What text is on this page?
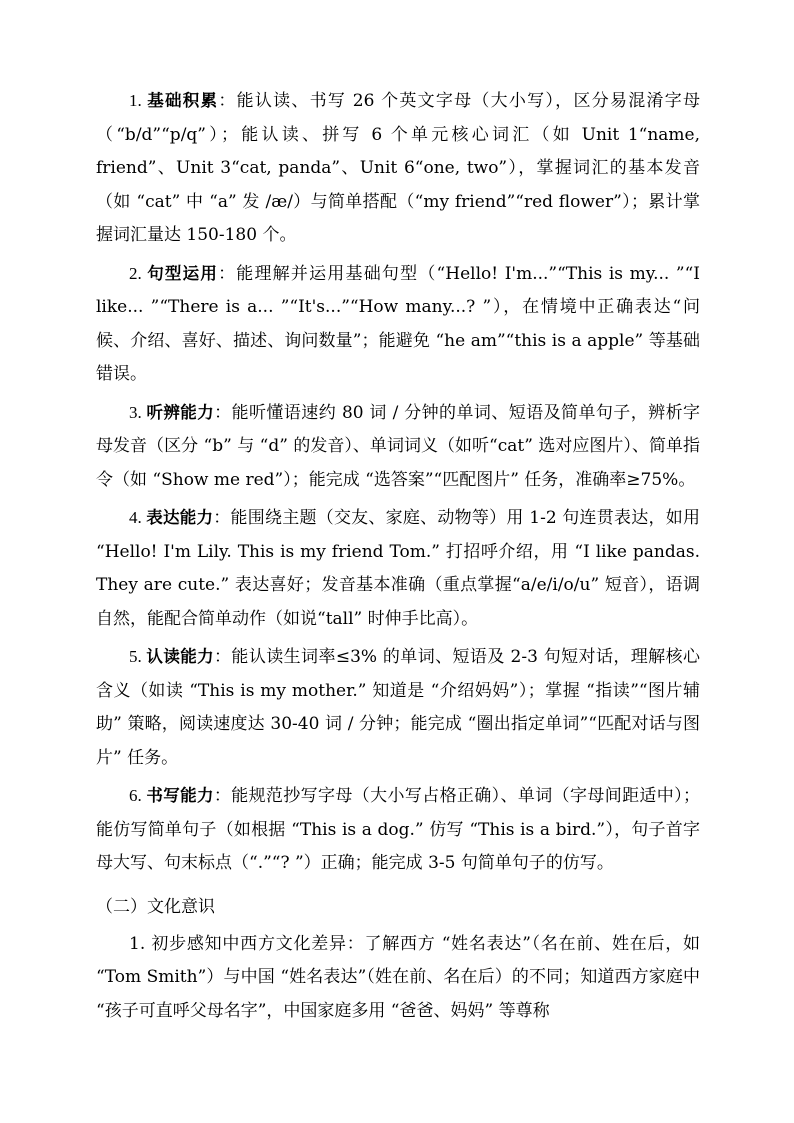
1. 基础积累：能认读、书写 26 个英文字母（大小写），区分易混淆字母（“b/d”“p/q”）；能认读、拼写 6 个单元核心词汇（如 Unit 1“name, friend”、Unit 3“cat, panda”、Unit 6“one, two”），掌握词汇的基本发音（如 “cat” 中 “a” 发 /æ/）与简单搭配（“my friend”“red flower”）；累计掌握词汇量达 150-180 个。

2. 句型运用：能理解并运用基础句型（“Hello! I'm...”“This is my... ”“I like... ”“There is a... ”“It's...”“How many...? ”），在情境中正确表达“问候、介绍、喜好、描述、询问数量”；能避免 “he am”“this is a apple” 等基础错误。

3. 听辨能力：能听懂语速约 80 词 / 分钟的单词、短语及简单句子，辨析字母发音（区分 “b” 与 “d” 的发音）、单词词义（如听“cat” 选对应图片）、简单指令（如 “Show me red”）；能完成 “选答案”“匹配图片” 任务，准确率≥75%。

4. 表达能力：能围绕主题（交友、家庭、动物等）用 1-2 句连贯表达，如用 “Hello! I'm Lily. This is my friend Tom.” 打招呼介绍，用 “I like pandas. They are cute.” 表达喜好；发音基本准确（重点掌握“a/e/i/o/u” 短音），语调自然，能配合简单动作（如说“tall” 时伸手比高）。

5. 认读能力：能认读生词率≤3% 的单词、短语及 2-3 句短对话，理解核心含义（如读 “This is my mother.” 知道是 “介绍妈妈”）；掌握 “指读”“图片辅助” 策略，阅读速度达 30-40 词 / 分钟；能完成 “圈出指定单词”“匹配对话与图片” 任务。

6. 书写能力：能规范抄写字母（大小写占格正确）、单词（字母间距适中）；能仿写简单句子（如根据 “This is a dog.” 仿写 “This is a bird.”），句子首字母大写、句末标点（“.”“? ”）正确；能完成 3-5 句简单句子的仿写。

（二）文化意识

1. 初步感知中西方文化差异：了解西方 “姓名表达”（名在前、姓在后，如 “Tom Smith”）与中国 “姓名表达”（姓在前、名在后）的不同；知道西方家庭中 “孩子可直呼父母名字”，中国家庭多用 “爸爸、妈妈” 等尊称
